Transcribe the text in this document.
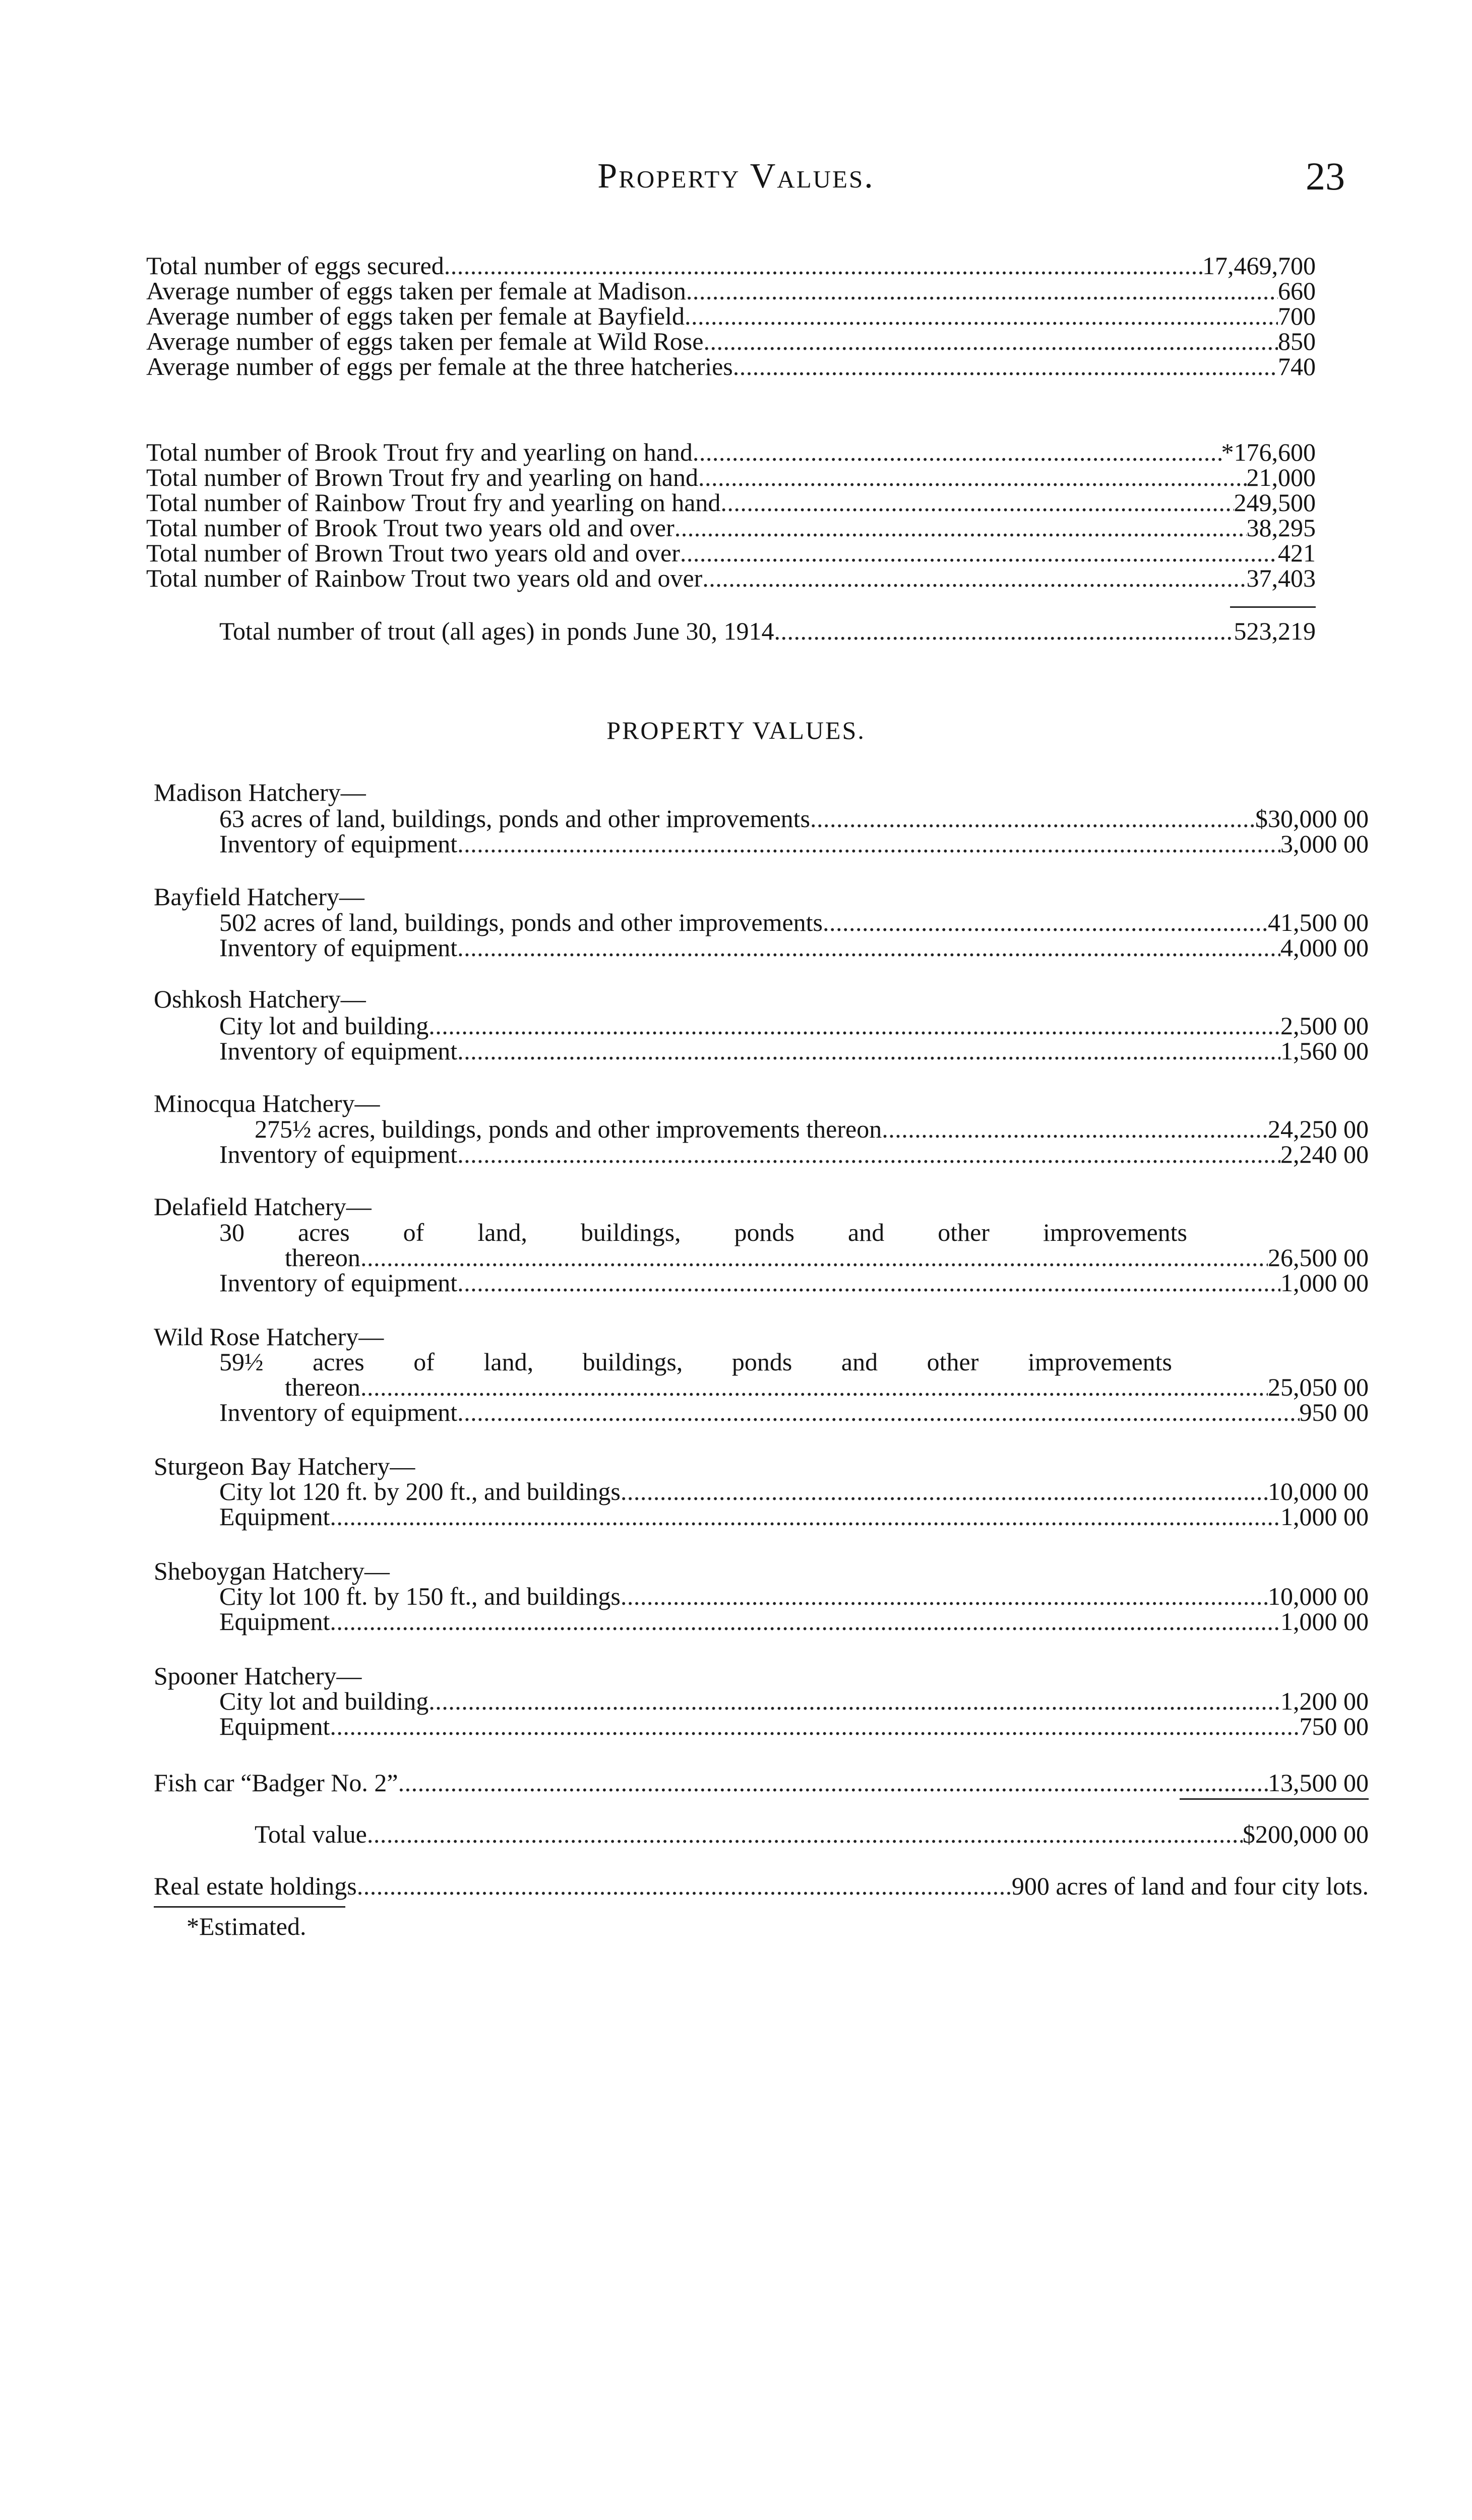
Property Values.	23
Total number of eggs secured . . .	17,469,700
Average number of eggs taken per female at Madison . . .	660
Average number of eggs taken per female at Bayfield . . .	700
Average number of eggs taken per female at Wild Rose . . .	850
Average number of eggs per female at the three hatcheries . . .	740
Total number of Brook Trout fry and yearling on hand . . .	*176,600
Total number of Brown Trout fry and yearling on hand . . .	21,000
Total number of Rainbow Trout fry and yearling on hand . . .	249,500
Total number of Brook Trout two years old and over . . .	38,295
Total number of Brown Trout two years old and over . . .	421
Total number of Rainbow Trout two years old and over . . .	37,403
Total number of trout (all ages) in ponds June 30, 1914 . . .	523,219
PROPERTY VALUES.
Madison Hatchery—
63 acres of land, buildings, ponds and other improvements . . .	$30,000 00
Inventory of equipment . . .	3,000 00
Bayfield Hatchery—
502 acres of land, buildings, ponds and other improvements . . .	41,500 00
Inventory of equipment . . .	4,000 00
Oshkosh Hatchery—
City lot and building . . .	2,500 00
Inventory of equipment . . .	1,560 00
Minocqua Hatchery—
275½ acres, buildings, ponds and other improvements thereon . . .	24,250 00
Inventory of equipment . . .	2,240 00
Delafield Hatchery—
30 acres of land, buildings, ponds and other improvements
thereon . . .	26,500 00
Inventory of equipment . . .	1,000 00
Wild Rose Hatchery—
59½ acres of land, buildings, ponds and other improvements
thereon . . .	25,050 00
Inventory of equipment . . .	950 00
Sturgeon Bay Hatchery—
City lot 120 ft. by 200 ft., and buildings . . .	10,000 00
Equipment . . .	1,000 00
Sheboygan Hatchery—
City lot 100 ft. by 150 ft., and buildings . . .	10,000 00
Equipment . . .	1,000 00
Spooner Hatchery—
City lot and building . . .	1,200 00
Equipment . . .	750 00
Fish car “Badger No. 2” . . .	13,500 00
Total value . . .	$200,000 00
Real estate holdings . . .	900 acres of land and four city lots.
*Estimated.
